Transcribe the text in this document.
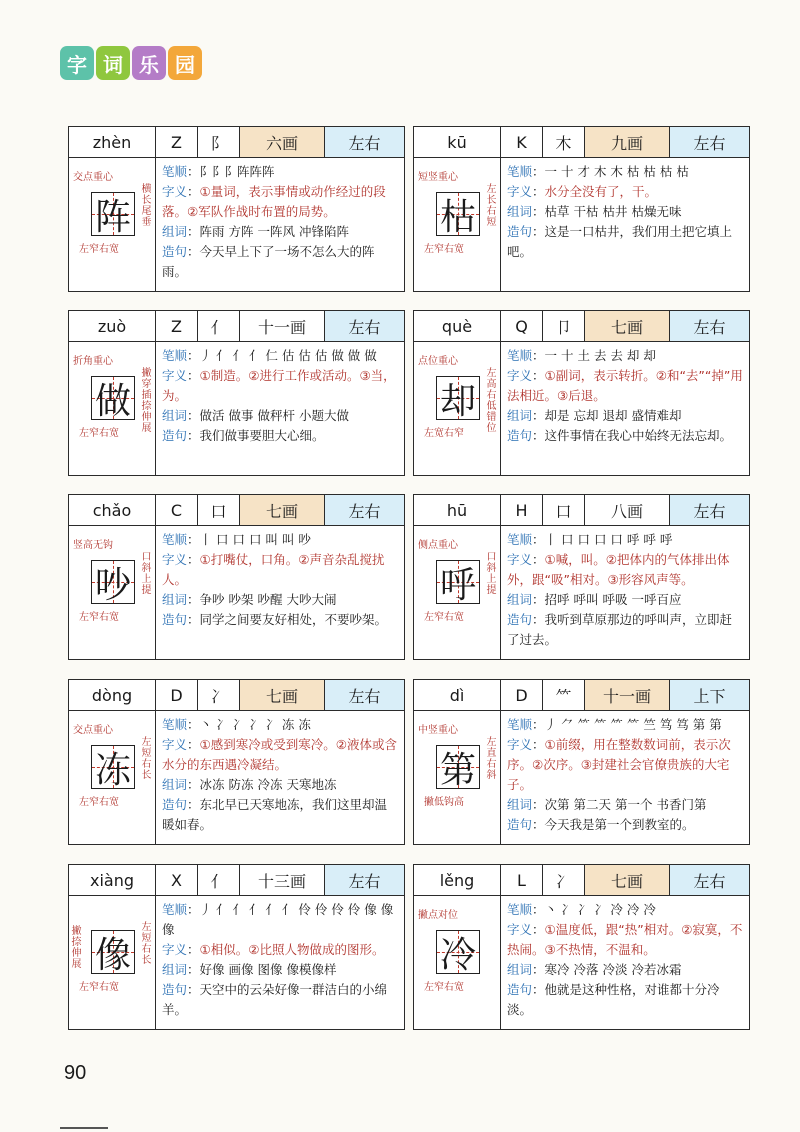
字 词 乐 园
zhèn	Z	阝	六画	左右
交点重心
阵
横长尾垂
左窄右宽
笔顺：阝阝阝阵阵阵
字义：①量词，表示事情或动作经过的段落。②军队作战时布置的局势。
组词：阵雨 方阵 一阵风 冲锋陷阵
造句：今天早上下了一场不怎么大的阵雨。
kū	K	木	九画	左右
短竖重心
枯
左长右短
左窄右宽
笔顺：一 十 才 木 木 枯 枯 枯 枯
字义：水分全没有了，干。
组词：枯草 干枯 枯井 枯燥无味
造句：这是一口枯井，我们用土把它填上吧。
zuò	Z	亻	十一画	左右
折角重心
做
撇穿插捺伸展
左窄右宽
笔顺：丿 亻 亻 亻 仁 估 估 估 做 做 做
字义：①制造。②进行工作或活动。③当，为。
组词：做活 做事 做秤杆 小题大做
造句：我们做事要胆大心细。
què	Q	卩	七画	左右
点位重心
却
左高右低错位
左宽右窄
笔顺：一 十 土 去 去 却 却
字义：①副词，表示转折。②和“去”“掉”用法相近。③后退。
组词：却是 忘却 退却 盛情难却
造句：这件事情在我心中始终无法忘却。
chǎo	C	口	七画	左右
竖高无钩
吵
口斜上提
左窄右宽
笔顺：丨 口 口 口 叫 叫 吵
字义：①打嘴仗，口角。②声音杂乱搅扰人。
组词：争吵 吵架 吵醒 大吵大闹
造句：同学之间要友好相处，不要吵架。
hū	H	口	八画	左右
侧点重心
呼
口斜上提
左窄右宽
笔顺：丨 口 口 口 口 呼 呼 呼
字义：①喊，叫。②把体内的气体排出体外，跟“吸”相对。③形容风声等。
组词：招呼 呼叫 呼吸 一呼百应
造句：我听到草原那边的呼叫声，立即赶了过去。
dòng	D	冫	七画	左右
交点重心
冻
左短右长
左窄右宽
笔顺：丶 冫 冫 冫 冫 冻 冻
字义：①感到寒冷或受到寒冷。②液体或含水分的东西遇冷凝结。
组词：冰冻 防冻 冷冻 天寒地冻
造句：东北早已天寒地冻，我们这里却温暖如春。
dì	D	⺮	十一画	上下
中竖重心
第
左直右斜
撇低钩高
笔顺：丿 ⺈ ⺮ ⺮ ⺮ ⺮ 竺 笃 笃 第 第
字义：①前缀，用在整数数词前，表示次序。②次序。③封建社会官僚贵族的大宅子。
组词：次第 第二天 第一个 书香门第
造句：今天我是第一个到教室的。
xiàng	X	亻	十三画	左右
像
左短右长
撇捺伸展
左窄右宽
笔顺：丿 亻 亻 亻 亻 亻 伶 伶 伶 伶 像 像 像
字义：①相似。②比照人物做成的图形。
组词：好像 画像 图像 像模像样
造句：天空中的云朵好像一群洁白的小绵羊。
lěng	L	冫	七画	左右
撇点对位
冷
左窄右宽
笔顺：丶 冫 冫 冫 冷 冷 冷
字义：①温度低，跟“热”相对。②寂寞，不热闹。③不热情，不温和。
组词：寒冷 冷落 冷淡 冷若冰霜
造句：他就是这种性格，对谁都十分冷淡。
90
